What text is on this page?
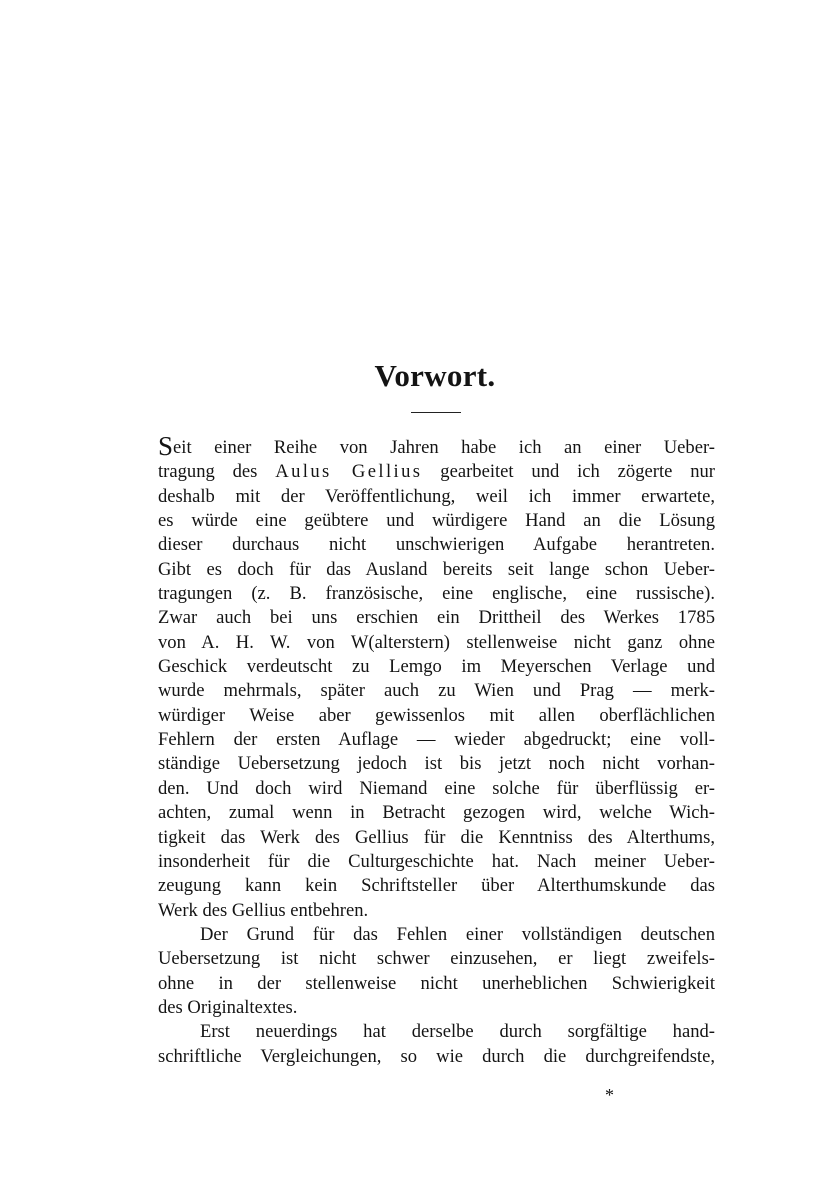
Vorwort.
Seit einer Reihe von Jahren habe ich an einer Ueber-
tragung des Aulus Gellius gearbeitet und ich zögerte nur
deshalb mit der Veröffentlichung, weil ich immer erwartete,
es würde eine geübtere und würdigere Hand an die Lösung
dieser durchaus nicht unschwierigen Aufgabe herantreten.
Gibt es doch für das Ausland bereits seit lange schon Ueber-
tragungen (z. B. französische, eine englische, eine russische).
Zwar auch bei uns erschien ein Drittheil des Werkes 1785
von A. H. W. von W(alterstern) stellenweise nicht ganz ohne
Geschick verdeutscht zu Lemgo im Meyerschen Verlage und
wurde mehrmals, später auch zu Wien und Prag — merk-
würdiger Weise aber gewissenlos mit allen oberflächlichen
Fehlern der ersten Auflage — wieder abgedruckt; eine voll-
ständige Uebersetzung jedoch ist bis jetzt noch nicht vorhan-
den. Und doch wird Niemand eine solche für überflüssig er-
achten, zumal wenn in Betracht gezogen wird, welche Wich-
tigkeit das Werk des Gellius für die Kenntniss des Alterthums,
insonderheit für die Culturgeschichte hat. Nach meiner Ueber-
zeugung kann kein Schriftsteller über Alterthumskunde das
Werk des Gellius entbehren.
Der Grund für das Fehlen einer vollständigen deutschen
Uebersetzung ist nicht schwer einzusehen, er liegt zweifels-
ohne in der stellenweise nicht unerheblichen Schwierigkeit
des Originaltextes.
Erst neuerdings hat derselbe durch sorgfältige hand-
schriftliche Vergleichungen, so wie durch die durchgreifendste,
*
